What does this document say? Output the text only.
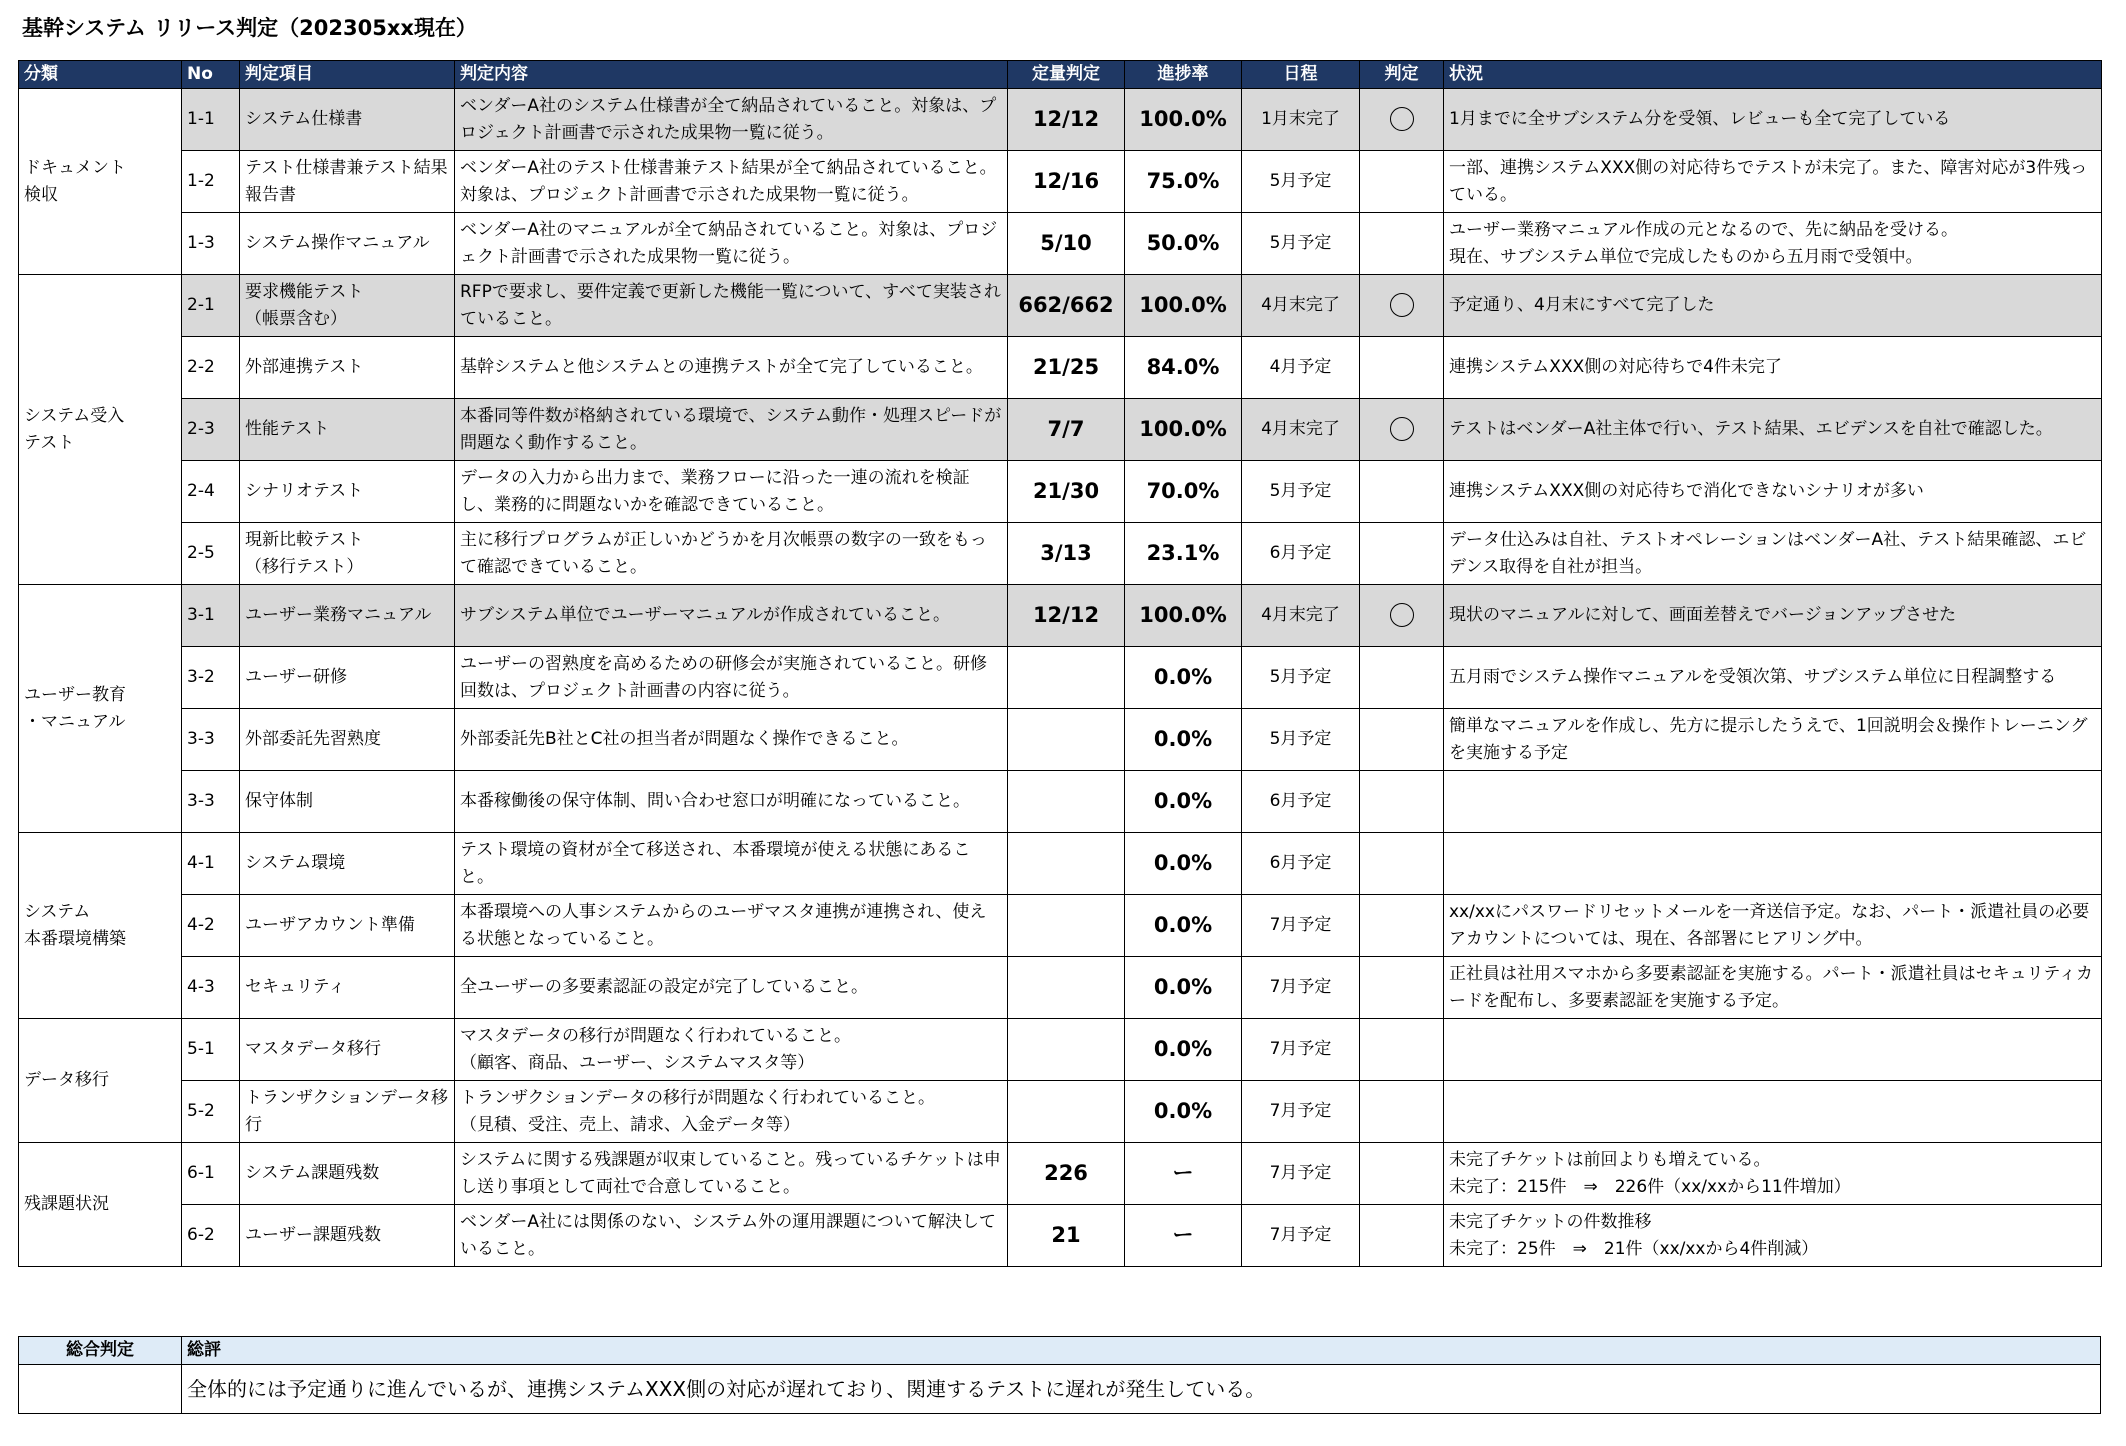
基幹システム リリース判定（202305xx現在）
分類	No	判定項目	判定内容	定量判定	進捗率	日程	判定	状況
ドキュメント
検収	1-1	システム仕様書	ベンダーA社のシステム仕様書が全て納品されていること。対象は、プロジェクト計画書で示された成果物一覧に従う。	12/12	100.0%	1月末完了		1月までに全サブシステム分を受領、レビューも全て完了している
	1-2	テスト仕様書兼テスト結果報告書	ベンダーA社のテスト仕様書兼テスト結果が全て納品されていること。対象は、プロジェクト計画書で示された成果物一覧に従う。	12/16	75.0%	5月予定		一部、連携システムXXX側の対応待ちでテストが未完了。また、障害対応が3件残っている。
	1-3	システム操作マニュアル	ベンダーA社のマニュアルが全て納品されていること。対象は、プロジェクト計画書で示された成果物一覧に従う。	5/10	50.0%	5月予定		ユーザー業務マニュアル作成の元となるので、先に納品を受ける。
現在、サブシステム単位で完成したものから五月雨で受領中。
システム受入
テスト	2-1	要求機能テスト
（帳票含む）	RFPで要求し、要件定義で更新した機能一覧について、すべて実装されていること。	662/662	100.0%	4月末完了		予定通り、4月末にすべて完了した
	2-2	外部連携テスト	基幹システムと他システムとの連携テストが全て完了していること。	21/25	84.0%	4月予定		連携システムXXX側の対応待ちで4件未完了
	2-3	性能テスト	本番同等件数が格納されている環境で、システム動作・処理スピードが問題なく動作すること。	7/7	100.0%	4月末完了		テストはベンダーA社主体で行い、テスト結果、エビデンスを自社で確認した。
	2-4	シナリオテスト	データの入力から出力まで、業務フローに沿った一連の流れを検証し、業務的に問題ないかを確認できていること。	21/30	70.0%	5月予定		連携システムXXX側の対応待ちで消化できないシナリオが多い
	2-5	現新比較テスト
（移行テスト）	主に移行プログラムが正しいかどうかを月次帳票の数字の一致をもって確認できていること。	3/13	23.1%	6月予定		データ仕込みは自社、テストオペレーションはベンダーA社、テスト結果確認、エビデンス取得を自社が担当。
ユーザー教育
・マニュアル	3-1	ユーザー業務マニュアル	サブシステム単位でユーザーマニュアルが作成されていること。	12/12	100.0%	4月末完了		現状のマニュアルに対して、画面差替えでバージョンアップさせた
	3-2	ユーザー研修	ユーザーの習熟度を高めるための研修会が実施されていること。研修回数は、プロジェクト計画書の内容に従う。		0.0%	5月予定		五月雨でシステム操作マニュアルを受領次第、サブシステム単位に日程調整する
	3-3	外部委託先習熟度	外部委託先B社とC社の担当者が問題なく操作できること。		0.0%	5月予定		簡単なマニュアルを作成し、先方に提示したうえで、1回説明会＆操作トレーニングを実施する予定
	3-3	保守体制	本番稼働後の保守体制、問い合わせ窓口が明確になっていること。		0.0%	6月予定		
システム
本番環境構築	4-1	システム環境	テスト環境の資材が全て移送され、本番環境が使える状態にあること。		0.0%	6月予定		
	4-2	ユーザアカウント準備	本番環境への人事システムからのユーザマスタ連携が連携され、使える状態となっていること。		0.0%	7月予定		xx/xxにパスワードリセットメールを一斉送信予定。なお、パート・派遣社員の必要アカウントについては、現在、各部署にヒアリング中。
	4-3	セキュリティ	全ユーザーの多要素認証の設定が完了していること。		0.0%	7月予定		正社員は社用スマホから多要素認証を実施する。パート・派遣社員はセキュリティカードを配布し、多要素認証を実施する予定。
データ移行	5-1	マスタデータ移行	マスタデータの移行が問題なく行われていること。
（顧客、商品、ユーザー、システムマスタ等）		0.0%	7月予定		
	5-2	トランザクションデータ移行	トランザクションデータの移行が問題なく行われていること。
（見積、受注、売上、請求、入金データ等）		0.0%	7月予定		
残課題状況	6-1	システム課題残数	システムに関する残課題が収束していること。残っているチケットは申し送り事項として両社で合意していること。	226	ー	7月予定		未完了チケットは前回よりも増えている。
未完了：215件　⇒　226件（xx/xxから11件増加）
	6-2	ユーザー課題残数	ベンダーA社には関係のない、システム外の運用課題について解決していること。	21	ー	7月予定		未完了チケットの件数推移
未完了：25件　⇒　21件（xx/xxから4件削減）
総合判定	総評
	全体的には予定通りに進んでいるが、連携システムXXX側の対応が遅れており、関連するテストに遅れが発生している。
